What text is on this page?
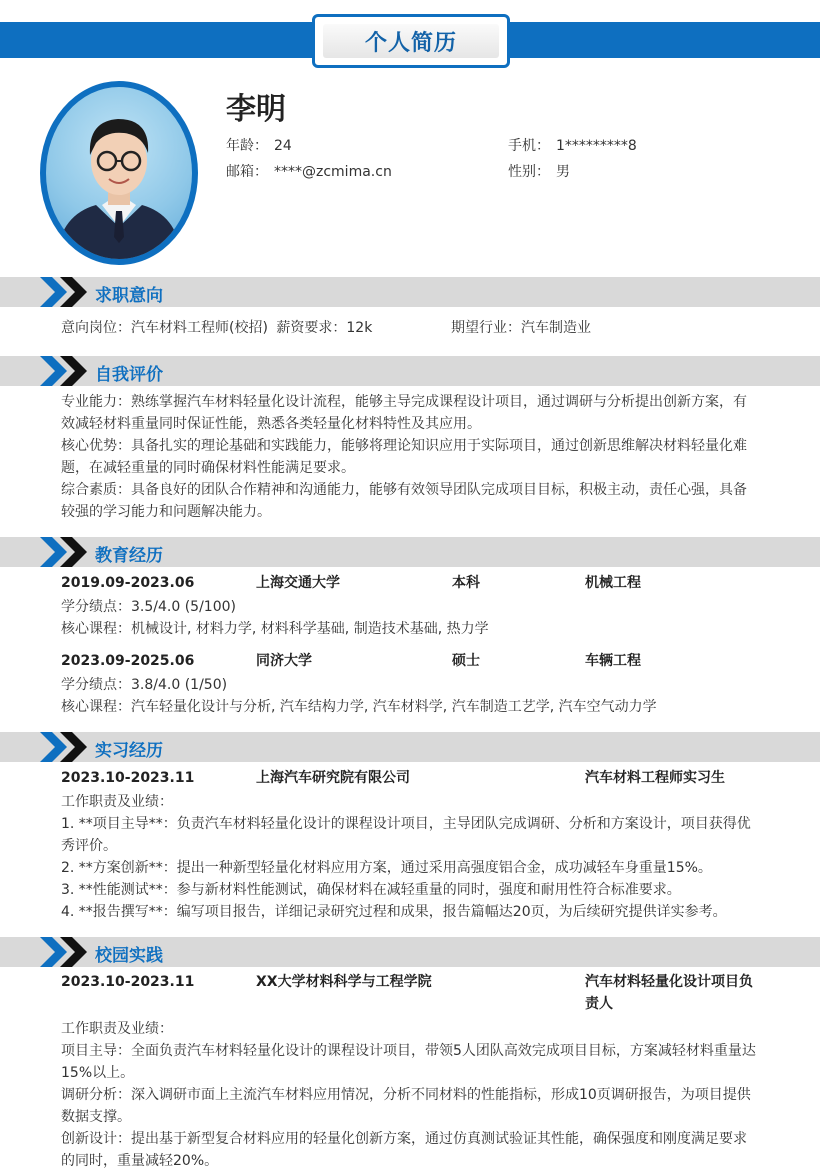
个人简历
李明
年龄： 24	手机： 1*********8
邮箱： ****@zcmima.cn	性别： 男
求职意向
意向岗位：汽车材料工程师(校招) 薪资要求：12k	期望行业：汽车制造业
自我评价
专业能力：熟练掌握汽车材料轻量化设计流程，能够主导完成课程设计项目，通过调研与分析提出创新方案，有
效减轻材料重量同时保证性能，熟悉各类轻量化材料特性及其应用。
核心优势：具备扎实的理论基础和实践能力，能够将理论知识应用于实际项目，通过创新思维解决材料轻量化难
题，在减轻重量的同时确保材料性能满足要求。
综合素质：具备良好的团队合作精神和沟通能力，能够有效领导团队完成项目目标，积极主动，责任心强，具备
较强的学习能力和问题解决能力。
教育经历
2019.09-2023.06	上海交通大学	本科	机械工程
学分绩点：3.5/4.0 (5/100)
核心课程：机械设计, 材料力学, 材料科学基础, 制造技术基础, 热力学
2023.09-2025.06	同济大学	硕士	车辆工程
学分绩点：3.8/4.0 (1/50)
核心课程：汽车轻量化设计与分析, 汽车结构力学, 汽车材料学, 汽车制造工艺学, 汽车空气动力学
实习经历
2023.10-2023.11	上海汽车研究院有限公司	汽车材料工程师实习生
工作职责及业绩：
1. **项目主导**：负责汽车材料轻量化设计的课程设计项目，主导团队完成调研、分析和方案设计，项目获得优
秀评价。
2. **方案创新**：提出一种新型轻量化材料应用方案，通过采用高强度铝合金，成功减轻车身重量15%。
3. **性能测试**：参与新材料性能测试，确保材料在减轻重量的同时，强度和耐用性符合标准要求。
4. **报告撰写**：编写项目报告，详细记录研究过程和成果，报告篇幅达20页，为后续研究提供详实参考。
校园实践
2023.10-2023.11	XX大学材料科学与工程学院	汽车材料轻量化设计项目负
责人
工作职责及业绩：
项目主导：全面负责汽车材料轻量化设计的课程设计项目，带领5人团队高效完成项目目标，方案减轻材料重量达
15%以上。
调研分析：深入调研市面上主流汽车材料应用情况，分析不同材料的性能指标，形成10页调研报告，为项目提供
数据支撑。
创新设计：提出基于新型复合材料应用的轻量化创新方案，通过仿真测试验证其性能，确保强度和刚度满足要求
的同时，重量减轻20%。
